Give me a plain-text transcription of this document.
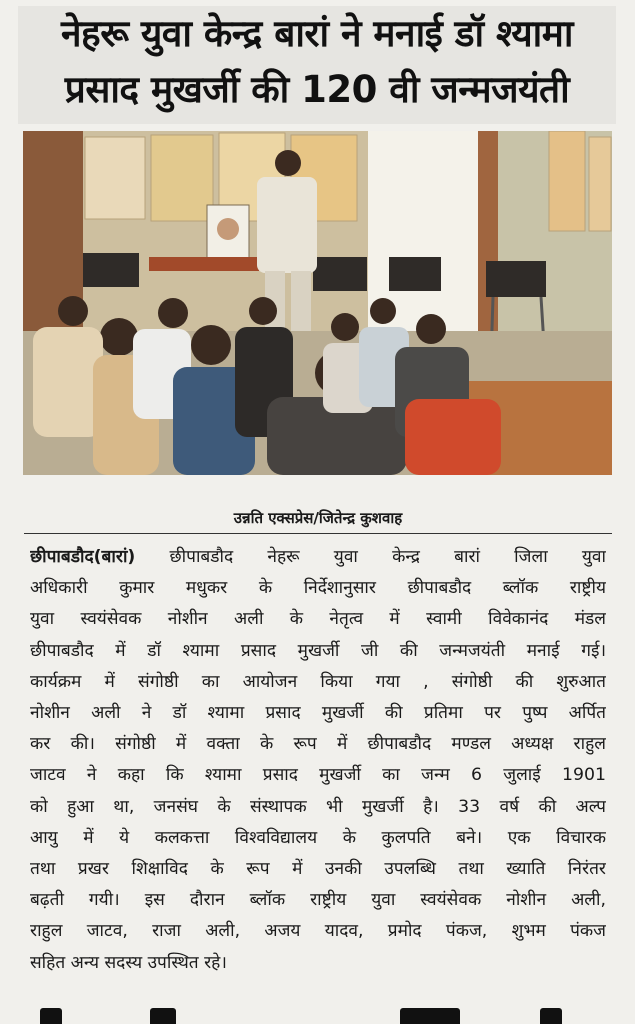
नेहरू युवा केन्द्र बारां ने मनाई डॉ श्यामा
प्रसाद मुखर्जी की 120 वी जन्मजयंती
उन्नति एक्सप्रेस/जितेन्द्र कुशवाह
छीपाबडौद(बारां) छीपाबडौद नेहरू युवा केन्द्र बारां जिला युवा
अधिकारी कुमार मधुकर के निर्देशानुसार छीपाबडौद ब्लॉक राष्ट्रीय
युवा स्वयंसेवक नोशीन अली के नेतृत्व में स्वामी विवेकानंद मंडल
छीपाबडौद में डॉ श्यामा प्रसाद मुखर्जी जी की जन्मजयंती मनाई गई।
कार्यक्रम में संगोष्ठी का आयोजन किया गया , संगोष्ठी की शुरुआत
नोशीन अली ने डॉ श्यामा प्रसाद मुखर्जी की प्रतिमा पर पुष्प अर्पित
कर की। संगोष्ठी में वक्ता के रूप में छीपाबडौद मण्डल अध्यक्ष राहुल
जाटव ने कहा कि श्यामा प्रसाद मुखर्जी का जन्म 6 जुलाई 1901
को हुआ था, जनसंघ के संस्थापक भी मुखर्जी है। 33 वर्ष की अल्प
आयु में ये कलकत्ता विश्वविद्यालय के कुलपति बने। एक विचारक
तथा प्रखर शिक्षाविद के रूप में उनकी उपलब्धि तथा ख्याति निरंतर
बढ़ती गयी। इस दौरान ब्लॉक राष्ट्रीय युवा स्वयंसेवक नोशीन अली,
राहुल जाटव, राजा अली, अजय यादव, प्रमोद पंकज, शुभम पंकज
सहित अन्य सदस्य उपस्थित रहे।
